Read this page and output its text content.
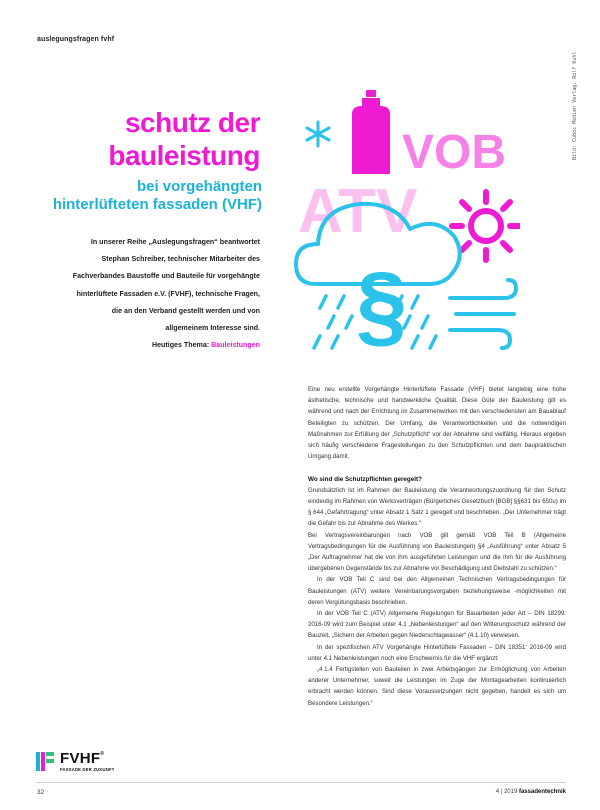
auslegungsfragen fvhf
Bild: Cuboc Medien Verlag, Rolf Kuhl
schutz der
bauleistung
bei vorgehängten
hinterlüfteten fassaden (VHF)
In unserer Reihe „Auslegungsfragen“ beantwortet
Stephan Schreiber, technischer Mitarbeiter des
Fachverbandes Baustoffe und Bauteile für vorgehängte
hinterlüftete Fassaden e.V. (FVHF), technische Fragen,
die an den Verband gestellt werden und von
allgemeinem Interesse sind.
Heutiges Thema: Bauleistungen
ATV
VOB
§

Eine neu erstellte Vorgehängte Hinterlüftete Fassade (VHF) bietet langlebig eine hohe ästhetische, technische und handwerkliche Qualität. Diese Güte der Bauleistung gilt es während und nach der Errichtung im Zusammenwirken mit den verschiedensten am Bauablauf Beteiligten zu schützen. Der Umfang, die Verantwortlichkeiten und die notwendigen Maßnahmen zur Erfüllung der „Schutzpflicht“ vor der Abnahme sind vielfältig. Hieraus ergeben sich häufig verschiedene Fragestellungen zu den Schutzpflichten und dem baupraktischen Umgang damit.

Wo sind die Schutzpflichten geregelt?

Grundsätzlich ist im Rahmen der Bauleistung die Verantwortungszuordnung für den Schutz eindeutig im Rahmen von Werksverträgen (Bürgerliches Gesetzbuch [BGB] §§631 bis 650u) im § 644 „Gefahrtragung“ unter Absatz 1 Satz 1 geregelt und beschrieben. „Der Unternehmer trägt die Gefahr bis zur Abnahme des Werkes.“

Bei Vertragsvereinbarungen nach VOB gilt gemäß VOB Teil B (Allgemeine Vertragsbedingungen für die Ausführung von Bauleistungen) §4 „Ausführung“ unter Absatz 5 „Der Auftragnehmer hat die von ihm ausgeführten Leistungen und die ihm für die Ausführung übergebenen Gegenstände bis zur Abnahme vor Beschädigung und Diebstahl zu schützen.“

In der VOB Teil C sind bei den Allgemeinen Technischen Vertragsbedingungen für Bauleistungen (ATV) weitere Vereinbarungsvorgaben beziehungsweise -möglichkeiten mit deren Vergütungsbasis beschrieben.

In der VOB Teil C (ATV) Allgemeine Regelungen für Bauarbeiten jeder Art – DIN 18299: 2016-09 wird zum Beispiel unter 4.1 „Nebenleistungen“ auf den Witterungsschutz während der Bauzeit, „Sichern der Arbeiten gegen Niederschlagwasser“ (4.1.10) verwiesen.

In der spezifischen ATV Vorgehängte Hinterlüftete Fassaden – DIN 18351: 2016-09 wird unter 4.1 Nebenleistungen noch eine Erschwernis für die VHF ergänzt:

„4.1.4 Fertigstellen von Bauteilen in zwei Arbeitsgängen zur Ermöglichung von Arbeiten anderer Unternehmer, soweit die Leistungen im Zuge der Montagearbeiten kontinuierlich erbracht werden können. Sind diese Voraussetzungen nicht gegeben, handelt es sich um Besondere Leistungen.“

FVHF®
FASSADE DER ZUKUNFT
32	4 | 2019 fassadentechnik
